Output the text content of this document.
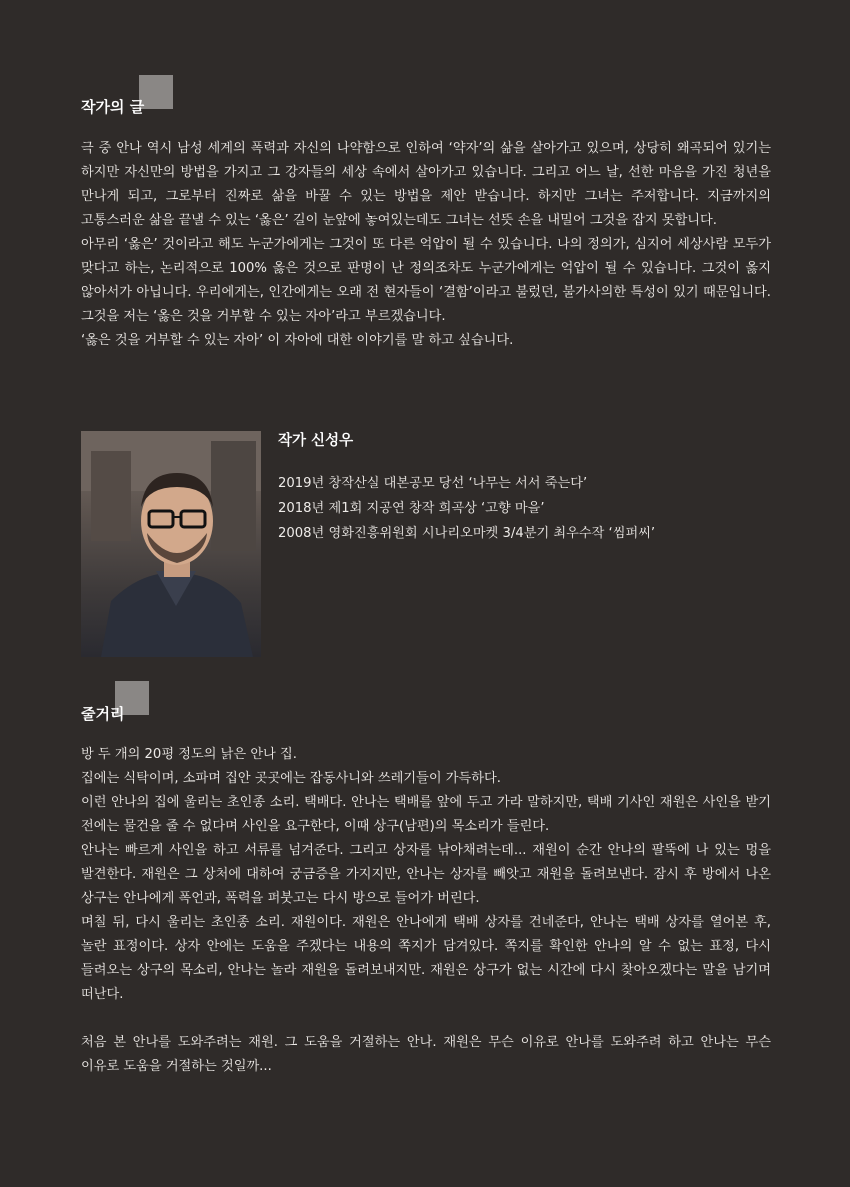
작가의 글

극 중 안나 역시 남성 세계의 폭력과 자신의 나약함으로 인하여 ‘약자’의 삶을 살아가고 있으며, 상당히 왜곡되어 있기는 하지만 자신만의 방법을 가지고 그 강자들의 세상 속에서 살아가고 있습니다. 그리고 어느 날, 선한 마음을 가진 청년을 만나게 되고, 그로부터 진짜로 삶을 바꿀 수 있는 방법을 제안 받습니다. 하지만 그녀는 주저합니다. 지금까지의 고통스러운 삶을 끝낼 수 있는 ‘옳은’ 길이 눈앞에 놓여있는데도 그녀는 선뜻 손을 내밀어 그것을 잡지 못합니다.

아무리 ‘옳은’ 것이라고 해도 누군가에게는 그것이 또 다른 억압이 될 수 있습니다. 나의 정의가, 심지어 세상사람 모두가 맞다고 하는, 논리적으로 100% 옳은 것으로 판명이 난 정의조차도 누군가에게는 억압이 될 수 있습니다. 그것이 옳지 않아서가 아닙니다. 우리에게는, 인간에게는 오래 전 현자들이 ‘결함’이라고 불렀던, 불가사의한 특성이 있기 때문입니다. 그것을 저는 ‘옳은 것을 거부할 수 있는 자아’라고 부르겠습니다.

‘옳은 것을 거부할 수 있는 자아’ 이 자아에 대한 이야기를 말 하고 싶습니다.

작가 신성우
2019년 창작산실 대본공모 당선 ‘나무는 서서 죽는다’
2018년 제1회 지공연 창작 희곡상 ‘고향 마을’
2008년 영화진흥위원회 시나리오마켓 3/4분기 최우수작 ‘씸퍼씨’
줄거리

방 두 개의 20평 정도의 낡은 안나 집.

집에는 식탁이며, 소파며 집안 곳곳에는 잡동사니와 쓰레기들이 가득하다.

이런 안나의 집에 울리는 초인종 소리. 택배다. 안나는 택배를 앞에 두고 가라 말하지만, 택배 기사인 재원은 사인을 받기 전에는 물건을 줄 수 없다며 사인을 요구한다, 이때 상구(남편)의 목소리가 들린다.

안나는 빠르게 사인을 하고 서류를 넘겨준다. 그리고 상자를 낚아채려는데... 재원이 순간 안나의 팔뚝에 나 있는 멍을 발견한다. 재원은 그 상처에 대하여 궁금증을 가지지만, 안나는 상자를 빼앗고 재원을 돌려보낸다. 잠시 후 방에서 나온 상구는 안나에게 폭언과, 폭력을 퍼붓고는 다시 방으로 들어가 버린다.

며칠 뒤, 다시 울리는 초인종 소리. 재원이다. 재원은 안나에게 택배 상자를 건네준다, 안나는 택배 상자를 열어본 후, 놀란 표정이다. 상자 안에는 도움을 주겠다는 내용의 쪽지가 담겨있다. 쪽지를 확인한 안나의 알 수 없는 표정, 다시 들려오는 상구의 목소리, 안나는 놀라 재원을 돌려보내지만. 재원은 상구가 없는 시간에 다시 찾아오겠다는 말을 남기며 떠난다.

처음 본 안나를 도와주려는 재원. 그 도움을 거절하는 안나. 재원은 무슨 이유로 안나를 도와주려 하고 안나는 무슨 이유로 도움을 거절하는 것일까...
